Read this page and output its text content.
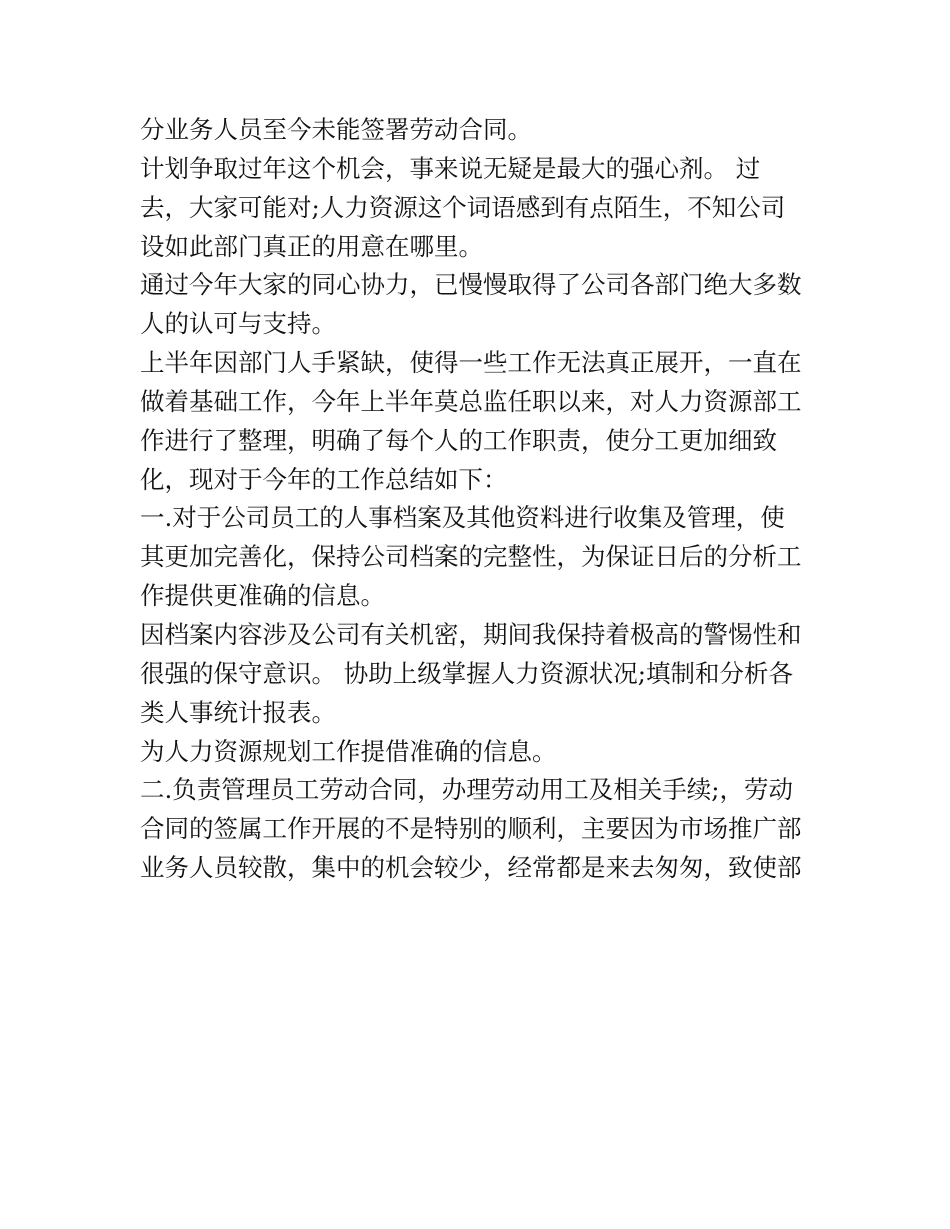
分业务人员至今未能签署劳动合同。
计划争取过年这个机会，事来说无疑是最大的强心剂。 过
去，大家可能对;人力资源这个词语感到有点陌生，不知公司
设如此部门真正的用意在哪里。
通过今年大家的同心协力，已慢慢取得了公司各部门绝大多数
人的认可与支持。
上半年因部门人手紧缺，使得一些工作无法真正展开，一直在
做着基础工作，今年上半年莫总监任职以来，对人力资源部工
作进行了整理，明确了每个人的工作职责，使分工更加细致
化，现对于今年的工作总结如下：
一.对于公司员工的人事档案及其他资料进行收集及管理，使
其更加完善化，保持公司档案的完整性，为保证日后的分析工
作提供更准确的信息。
因档案内容涉及公司有关机密，期间我保持着极高的警惕性和
很强的保守意识。 协助上级掌握人力资源状况;填制和分析各
类人事统计报表。
为人力资源规划工作提借准确的信息。
二.负责管理员工劳动合同，办理劳动用工及相关手续;，劳动
合同的签属工作开展的不是特别的顺利，主要因为市场推广部
业务人员较散，集中的机会较少，经常都是来去匆匆，致使部
